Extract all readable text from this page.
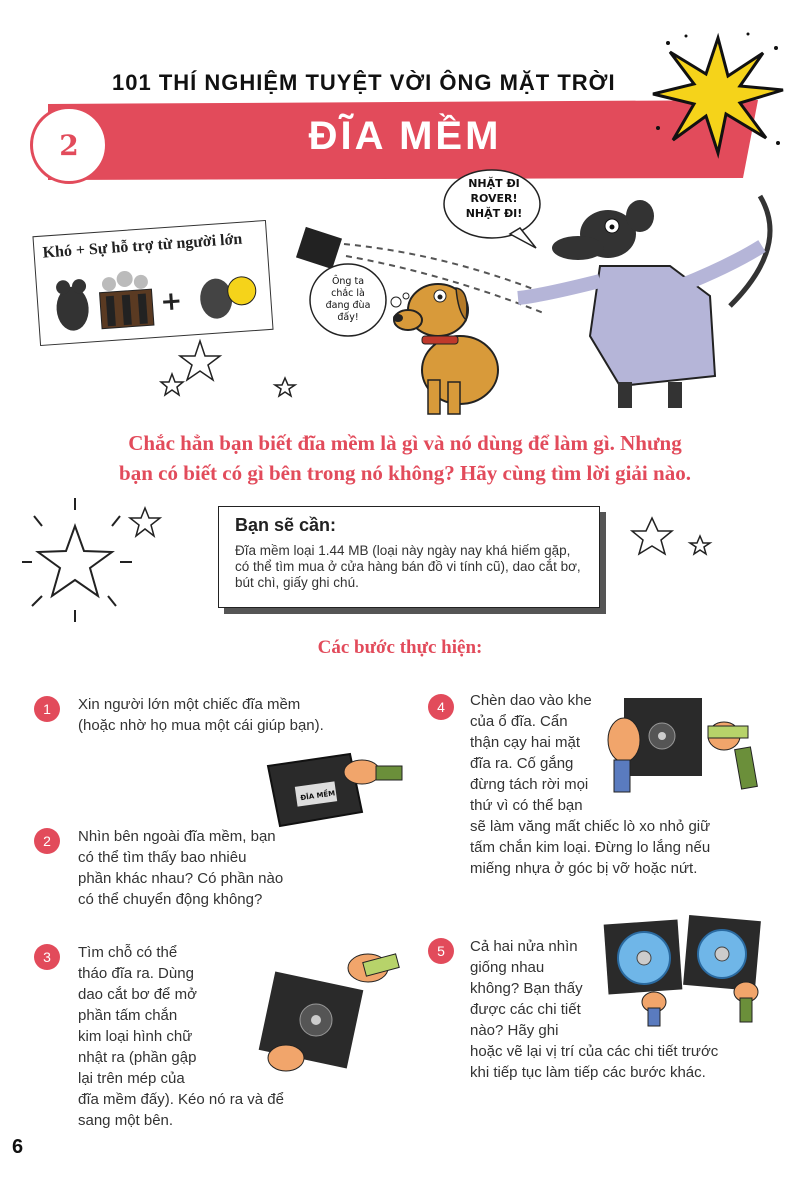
101 THÍ NGHIỆM TUYỆT VỜI ÔNG MẶT TRỜI
2	ĐĨA MỀM
Khó + Sự hỗ trợ từ người lớn
+
NHẶT ĐI
ROVER!
NHẶT ĐI!
Ông ta
chắc là
đang đùa
đấy!
Chắc hẳn bạn biết đĩa mềm là gì và nó dùng để làm gì. Nhưng
bạn có biết có gì bên trong nó không? Hãy cùng tìm lời giải nào.
Bạn sẽ cần:
Đĩa mềm loại 1.44 MB (loại này ngày nay khá hiếm gặp, có thể tìm mua ở cửa hàng bán đồ vi tính cũ), dao cắt bơ, bút chì, giấy ghi chú.
Các bước thực hiện:
1	Xin người lớn một chiếc đĩa mềm
(hoặc nhờ họ mua một cái giúp bạn).
ĐĨA MỀM
2	Nhìn bên ngoài đĩa mềm, bạn
có thể tìm thấy bao nhiêu
phần khác nhau? Có phần nào
có thể chuyển động không?
3	Tìm chỗ có thể
tháo đĩa ra. Dùng
dao cắt bơ để mở
phần tấm chắn
kim loại hình chữ
nhật ra (phần gập
lại trên mép của
đĩa mềm đấy). Kéo nó ra và để
sang một bên.
4	Chèn dao vào khe
của ổ đĩa. Cẩn
thận cạy hai mặt
đĩa ra. Cố gắng
đừng tách rời mọi
thứ vì có thể bạn
sẽ làm văng mất chiếc lò xo nhỏ giữ
tấm chắn kim loại. Đừng lo lắng nếu
miếng nhựa ở góc bị vỡ hoặc nứt.
5	Cả hai nửa nhìn
giống nhau
không? Bạn thấy
được các chi tiết
nào? Hãy ghi
hoặc vẽ lại vị trí của các chi tiết trước
khi tiếp tục làm tiếp các bước khác.
6
